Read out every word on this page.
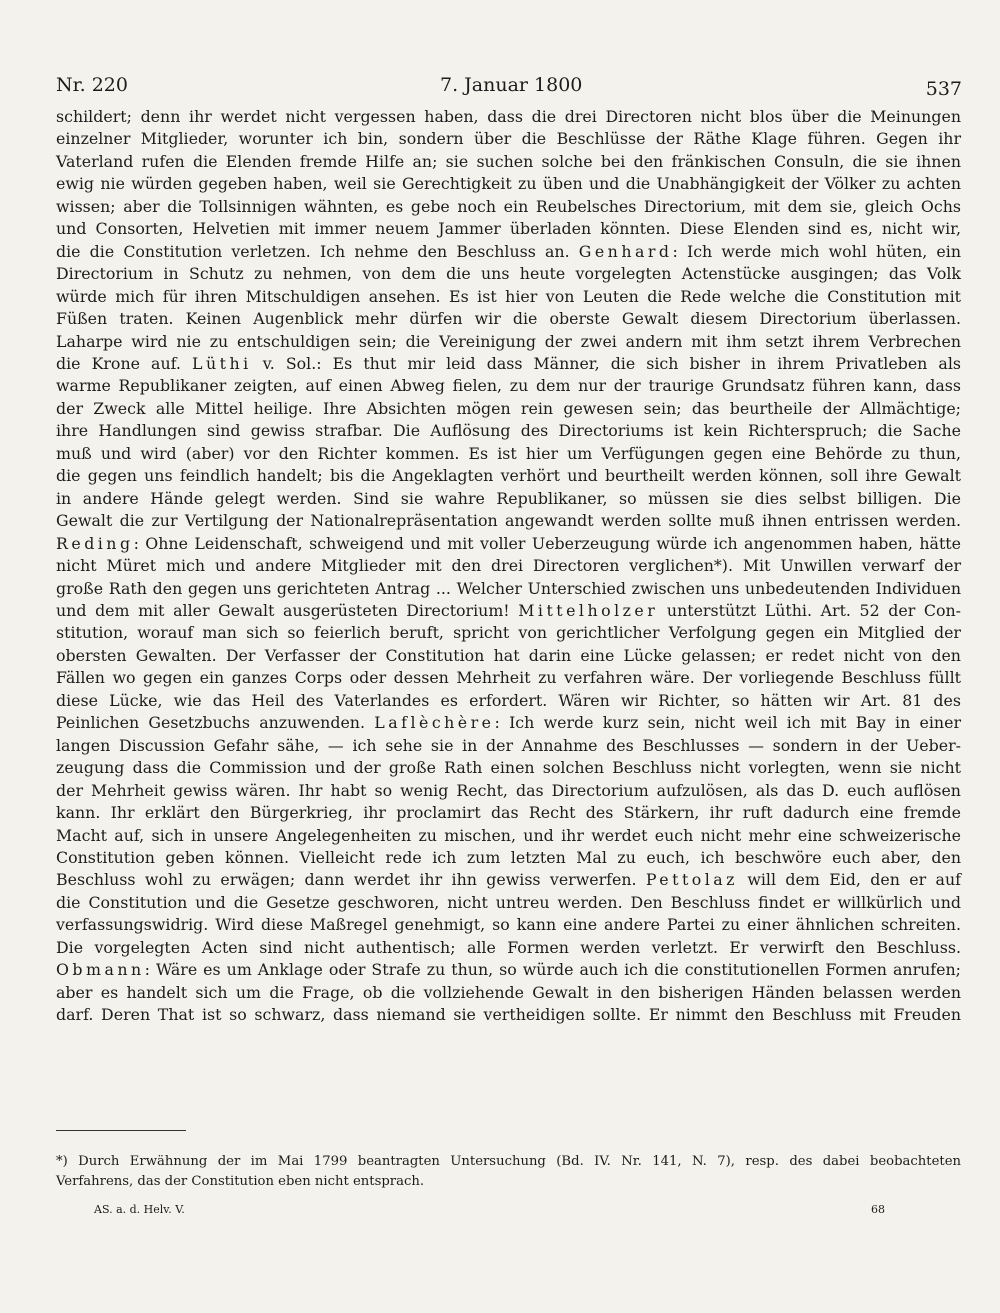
Nr. 220	7. Januar 1800	537
schildert; denn ihr werdet nicht vergessen haben, dass die drei Directoren nicht blos über die Meinungen
einzelner Mitglieder, worunter ich bin, sondern über die Beschlüsse der Räthe Klage führen. Gegen ihr
Vaterland rufen die Elenden fremde Hilfe an; sie suchen solche bei den fränkischen Consuln, die sie ihnen
ewig nie würden gegeben haben, weil sie Gerechtigkeit zu üben und die Unabhängigkeit der Völker zu achten
wissen; aber die Tollsinnigen wähnten, es gebe noch ein Reubelsches Directorium, mit dem sie, gleich Ochs
und Consorten, Helvetien mit immer neuem Jammer überladen könnten. Diese Elenden sind es, nicht wir,
die die Constitution verletzen. Ich nehme den Beschluss an. Genhard: Ich werde mich wohl hüten, ein
Directorium in Schutz zu nehmen, von dem die uns heute vorgelegten Actenstücke ausgingen; das Volk
würde mich für ihren Mitschuldigen ansehen. Es ist hier von Leuten die Rede welche die Constitution mit
Füßen traten. Keinen Augenblick mehr dürfen wir die oberste Gewalt diesem Directorium überlassen.
Laharpe wird nie zu entschuldigen sein; die Vereinigung der zwei andern mit ihm setzt ihrem Verbrechen
die Krone auf. Lüthi v. Sol.: Es thut mir leid dass Männer, die sich bisher in ihrem Privatleben als
warme Republikaner zeigten, auf einen Abweg fielen, zu dem nur der traurige Grundsatz führen kann, dass
der Zweck alle Mittel heilige. Ihre Absichten mögen rein gewesen sein; das beurtheile der Allmächtige;
ihre Handlungen sind gewiss strafbar. Die Auflösung des Directoriums ist kein Richterspruch; die Sache
muß und wird (aber) vor den Richter kommen. Es ist hier um Verfügungen gegen eine Behörde zu thun,
die gegen uns feindlich handelt; bis die Angeklagten verhört und beurtheilt werden können, soll ihre Gewalt
in andere Hände gelegt werden. Sind sie wahre Republikaner, so müssen sie dies selbst billigen. Die
Gewalt die zur Vertilgung der Nationalrepräsentation angewandt werden sollte muß ihnen entrissen werden.
Reding: Ohne Leidenschaft, schweigend und mit voller Ueberzeugung würde ich angenommen haben, hätte
nicht Müret mich und andere Mitglieder mit den drei Directoren verglichen*). Mit Unwillen verwarf der
große Rath den gegen uns gerichteten Antrag ... Welcher Unterschied zwischen uns unbedeutenden Individuen
und dem mit aller Gewalt ausgerüsteten Directorium! Mittelholzer unterstützt Lüthi. Art. 52 der Con-
stitution, worauf man sich so feierlich beruft, spricht von gerichtlicher Verfolgung gegen ein Mitglied der
obersten Gewalten. Der Verfasser der Constitution hat darin eine Lücke gelassen; er redet nicht von den
Fällen wo gegen ein ganzes Corps oder dessen Mehrheit zu verfahren wäre. Der vorliegende Beschluss füllt
diese Lücke, wie das Heil des Vaterlandes es erfordert. Wären wir Richter, so hätten wir Art. 81 des
Peinlichen Gesetzbuchs anzuwenden. Laflèchère: Ich werde kurz sein, nicht weil ich mit Bay in einer
langen Discussion Gefahr sähe, — ich sehe sie in der Annahme des Beschlusses — sondern in der Ueber-
zeugung dass die Commission und der große Rath einen solchen Beschluss nicht vorlegten, wenn sie nicht
der Mehrheit gewiss wären. Ihr habt so wenig Recht, das Directorium aufzulösen, als das D. euch auflösen
kann. Ihr erklärt den Bürgerkrieg, ihr proclamirt das Recht des Stärkern, ihr ruft dadurch eine fremde
Macht auf, sich in unsere Angelegenheiten zu mischen, und ihr werdet euch nicht mehr eine schweizerische
Constitution geben können. Vielleicht rede ich zum letzten Mal zu euch, ich beschwöre euch aber, den
Beschluss wohl zu erwägen; dann werdet ihr ihn gewiss verwerfen. Pettolaz will dem Eid, den er auf
die Constitution und die Gesetze geschworen, nicht untreu werden. Den Beschluss findet er willkürlich und
verfassungswidrig. Wird diese Maßregel genehmigt, so kann eine andere Partei zu einer ähnlichen schreiten.
Die vorgelegten Acten sind nicht authentisch; alle Formen werden verletzt. Er verwirft den Beschluss.
Obmann: Wäre es um Anklage oder Strafe zu thun, so würde auch ich die constitutionellen Formen anrufen;
aber es handelt sich um die Frage, ob die vollziehende Gewalt in den bisherigen Händen belassen werden
darf. Deren That ist so schwarz, dass niemand sie vertheidigen sollte. Er nimmt den Beschluss mit Freuden
*) Durch Erwähnung der im Mai 1799 beantragten Untersuchung (Bd. IV. Nr. 141, N. 7), resp. des dabei beobachteten
Verfahrens, das der Constitution eben nicht entsprach.
AS. a. d. Helv. V.	68
